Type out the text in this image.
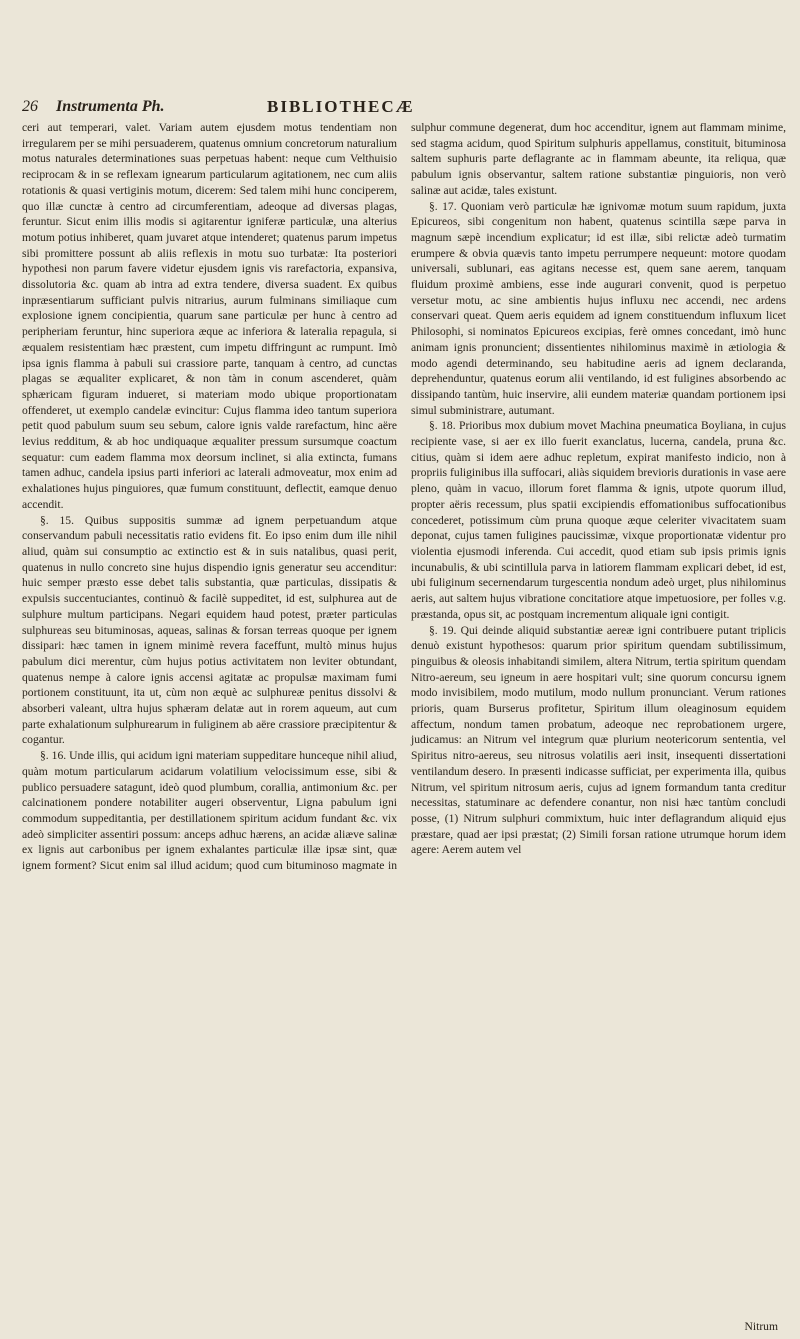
26 Instrumenta Ph.	BIBLIOTHECÆ

ceri aut temperari, valet. Variam autem ejusdem motus tendentiam non irregularem per se mihi persuaderem, quatenus omnium concretorum naturalium motus naturales determinationes suas perpetuas habent: neque cum Velthuisio reciprocam & in se reflexam ignearum particularum agitationem, nec cum aliis rotationis & quasi vertiginis motum, dicerem: Sed talem mihi hunc conciperem, quo illæ cunctæ à centro ad circumferentiam, adeoque ad diversas plagas, feruntur. Sicut enim illis modis si agitarentur igniferæ particulæ, una alterius motum potius inhiberet, quam juvaret atque intenderet; quatenus parum impetus sibi promittere possunt ab aliis reflexis in motu suo turbatæ: Ita posteriori hypothesi non parum favere videtur ejusdem ignis vis rarefactoria, expansiva, dissolutoria &c. quam ab intra ad extra tendere, diversa suadent. Ex quibus inpræsentiarum sufficiant pulvis nitrarius, aurum fulminans similiaque cum explosione ignem concipientia, quarum sane particulæ per hunc à centro ad peripheriam feruntur, hinc superiora æque ac inferiora & lateralia repagula, si æqualem resistentiam hæc præstent, cum impetu diffringunt ac rumpunt. Imò ipsa ignis flamma à pabuli sui crassiore parte, tanquam à centro, ad cunctas plagas se æqualiter explicaret, & non tàm in conum ascenderet, quàm sphæricam figuram indueret, si materiam modo ubique proportionatam offenderet, ut exemplo candelæ evincitur: Cujus flamma ideo tantum superiora petit quod pabulum suum seu sebum, calore ignis valde rarefactum, hinc aëre levius redditum, & ab hoc undiquaque æqualiter pressum sursumque coactum sequatur: cum eadem flamma mox deorsum inclinet, si alia extincta, fumans tamen adhuc, candela ipsius parti inferiori ac laterali admoveatur, mox enim ad exhalationes hujus pinguiores, quæ fumum constituunt, deflectit, eamque denuo accendit.

§. 15. Quibus suppositis summæ ad ignem perpetuandum atque conservandum pabuli necessitatis ratio evidens fit. Eo ipso enim dum ille nihil aliud, quàm sui consumptio ac extinctio est & in suis natalibus, quasi perit, quatenus in nullo concreto sine hujus dispendio ignis generatur seu accenditur: huic semper præsto esse debet talis substantia, quæ particulas, dissipatis & expulsis succentuciantes, continuò & facilè suppeditet, id est, sulphurea aut de sulphure multum participans. Negari equidem haud potest, præter particulas sulphureas seu bituminosas, aqueas, salinas & forsan terreas quoque per ignem dissipari: hæc tamen in ignem minimè revera faceffunt, multò minus hujus pabulum dici merentur, cùm hujus potius activitatem non leviter obtundant, quatenus nempe à calore ignis accensi agitatæ ac propulsæ maximam fumi portionem constituunt, ita ut, cùm non æquè ac sulphureæ penitus dissolvi & absorberi valeant, ultra hujus sphæram delatæ aut in rorem aqueum, aut cum parte exhalationum sulphurearum in fuliginem ab aëre crassiore præcipitentur & cogantur.

§. 16. Unde illis, qui acidum igni materiam suppeditare hunceque nihil aliud, quàm motum particularum acidarum volatilium velocissimum esse, sibi & publico persuadere satagunt, ideò quod plumbum, corallia, antimonium &c. per calcinationem pondere notabiliter augeri observentur, Ligna pabulum igni commodum suppeditantia, per destillationem spiritum acidum fundant &c. vix adeò simpliciter assentiri possum: anceps adhuc hærens, an acidæ aliæve salinæ ex lignis aut carbonibus per ignem exhalantes particulæ illæ ipsæ sint, quæ ignem forment? Sicut enim sal illud acidum; quod cum bituminoso magmate in sulphur commune degenerat, dum hoc accenditur, ignem aut flammam minime, sed stagma acidum, quod Spiritum sulphuris appellamus, constituit, bituminosa saltem suphuris parte deflagrante ac in flammam abeunte, ita reliqua, quæ pabulum ignis observantur, saltem ratione substantiæ pinguioris, non verò salinæ aut acidæ, tales existunt.

§. 17. Quoniam verò particulæ hæ ignivomæ motum suum rapidum, juxta Epicureos, sibi congenitum non habent, quatenus scintilla sæpe parva in magnum sæpè incendium explicatur; id est illæ, sibi relictæ adeò turmatim erumpere & obvia quævis tanto impetu perrumpere nequeunt: motore quodam universali, sublunari, eas agitans necesse est, quem sane aerem, tanquam fluidum proximè ambiens, esse inde augurari convenit, quod is perpetuo versetur motu, ac sine ambientis hujus influxu nec accendi, nec ardens conservari queat. Quem aeris equidem ad ignem constituendum influxum licet Philosophi, si nominatos Epicureos excipias, ferè omnes concedant, imò hunc animam ignis pronuncient; dissentientes nihilominus maximè in ætiologia & modo agendi determinando, seu habitudine aeris ad ignem declaranda, deprehenduntur, quatenus eorum alii ventilando, id est fuligines absorbendo ac dissipando tantùm, huic inservire, alii eundem materiæ quandam portionem ipsi simul subministrare, autumant.

§. 18. Prioribus mox dubium movet Machina pneumatica Boyliana, in cujus recipiente vase, si aer ex illo fuerit exanclatus, lucerna, candela, pruna &c. citius, quàm si idem aere adhuc repletum, expirat manifesto indicio, non à propriis fuliginibus illa suffocari, aliàs siquidem brevioris durationis in vase aere pleno, quàm in vacuo, illorum foret flamma & ignis, utpote quorum illud, propter aëris recessum, plus spatii excipiendis effomationibus suffocationibus concederet, potissimum cùm pruna quoque æque celeriter vivacitatem suam deponat, cujus tamen fuligines paucissimæ, vixque proportionatæ videntur pro violentia ejusmodi inferenda. Cui accedit, quod etiam sub ipsis primis ignis incunabulis, & ubi scintillula parva in latiorem flammam explicari debet, id est, ubi fuliginum secernendarum turgescentia nondum adeò urget, plus nihilominus aeris, aut saltem hujus vibratione concitatiore atque impetuosiore, per folles v.g. præstanda, opus sit, ac postquam incrementum aliquale igni contigit.

§. 19. Qui deinde aliquid substantiæ aereæ igni contribuere putant triplicis denuò existunt hypothesos: quarum prior spiritum quendam subtilissimum, pinguibus & oleosis inhabitandi similem, altera Nitrum, tertia spiritum quendam Nitro-aereum, seu igneum in aere hospitari vult; sine quorum concursu ignem modo invisibilem, modo mutilum, modo nullum pronunciant. Verum rationes prioris, quam Burserus profitetur, Spiritum illum oleaginosum equidem affectum, nondum tamen probatum, adeoque nec reprobationem urgere, judicamus: an Nitrum vel integrum quæ plurium neotericorum sententia, vel Spiritus nitro-aereus, seu nitrosus volatilis aeri insit, insequenti dissertationi ventilandum desero. In præsenti indicasse sufficiat, per experimenta illa, quibus Nitrum, vel spiritum nitrosum aeris, cujus ad ignem formandum tanta creditur necessitas, statuminare ac defendere conantur, non nisi hæc tantùm concludi posse, (1) Nitrum sulphuri commixtum, huic inter deflagrandum aliquid ejus præstare, quad aer ipsi præstat; (2) Simili forsan ratione utrumque horum idem agere: Aerem autem vel

Nitrum
